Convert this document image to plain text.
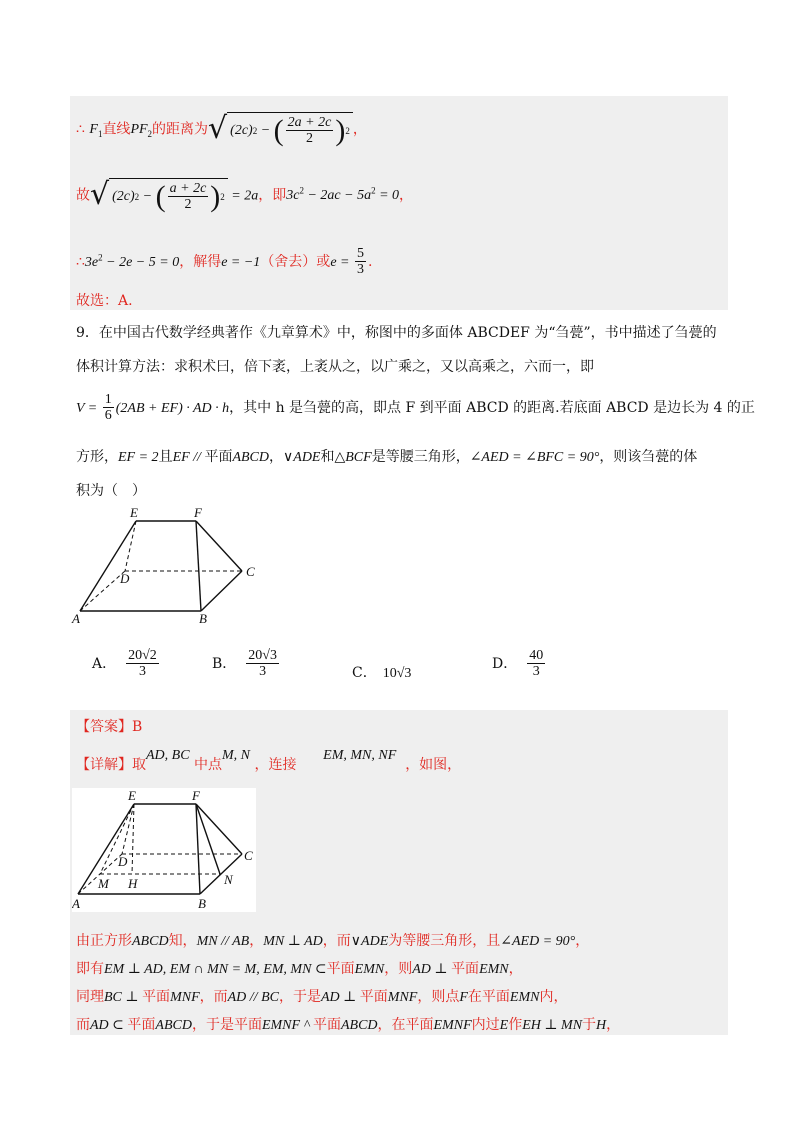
∴ $F_1$直线$PF_2$的距离为 √ (2c) 2 − ( $\frac{2a + 2c}{2}$ ) 2 ，
故 √ (2c) 2 − ( $\frac{a + 2c}{2}$ ) 2 = 2a，即$3c^2 - 2ac - 5a^2 = 0$，
$\therefore 3e^2 - 2e - 5 = 0$，解得e = −1（舍去）或$e = \frac{5}{3}$ .
故选：A.
9．在中国古代数学经典著作《九章算术》中，称图中的多面体 ABCDEF 为“刍甍”，书中描述了刍甍的
体积计算方法：求积术曰，倍下袤，上袤从之，以广乘之，又以高乘之，六而一，即
$V = \frac{1}{6} (2AB + EF)$ · AD · h，其中 h 是刍甍的高，即点 F 到平面 ABCD 的距离.若底面 ABCD 是边长为 4 的正
方形，EF = 2且EF // 平面ABCD，∨ADE和△BCF是等腰三角形，∠AED = ∠BFC = 90°，则该刍甍的体
积为（　）
E	F
D	C
A	B
A． $\frac{20√2}{3}$	B． $\frac{20√3}{3}$	C． 10√3
D． $\frac{40}{3}$
【答案】B
【详解】取AD, BC 中点M, N ，连接      EM, MN, NF  ，如图，
E	F
D	C
M H	N
A	B
由正方形ABCD知，MN // AB，MN ⊥ AD，而∨ADE为等腰三角形，且∠AED = 90°，
即有EM ⊥ AD, EM ∩ MN = M, EM, MN ⊂平面EMN，则AD ⊥ 平面EMN，
同理BC ⊥ 平面MNF，而AD // BC，于是AD ⊥ 平面MNF，则点F在平面EMN内，
而AD ⊂ 平面ABCD，于是平面EMNF ^ 平面ABCD，在平面EMNF内过E作EH ⊥ MN于H，
